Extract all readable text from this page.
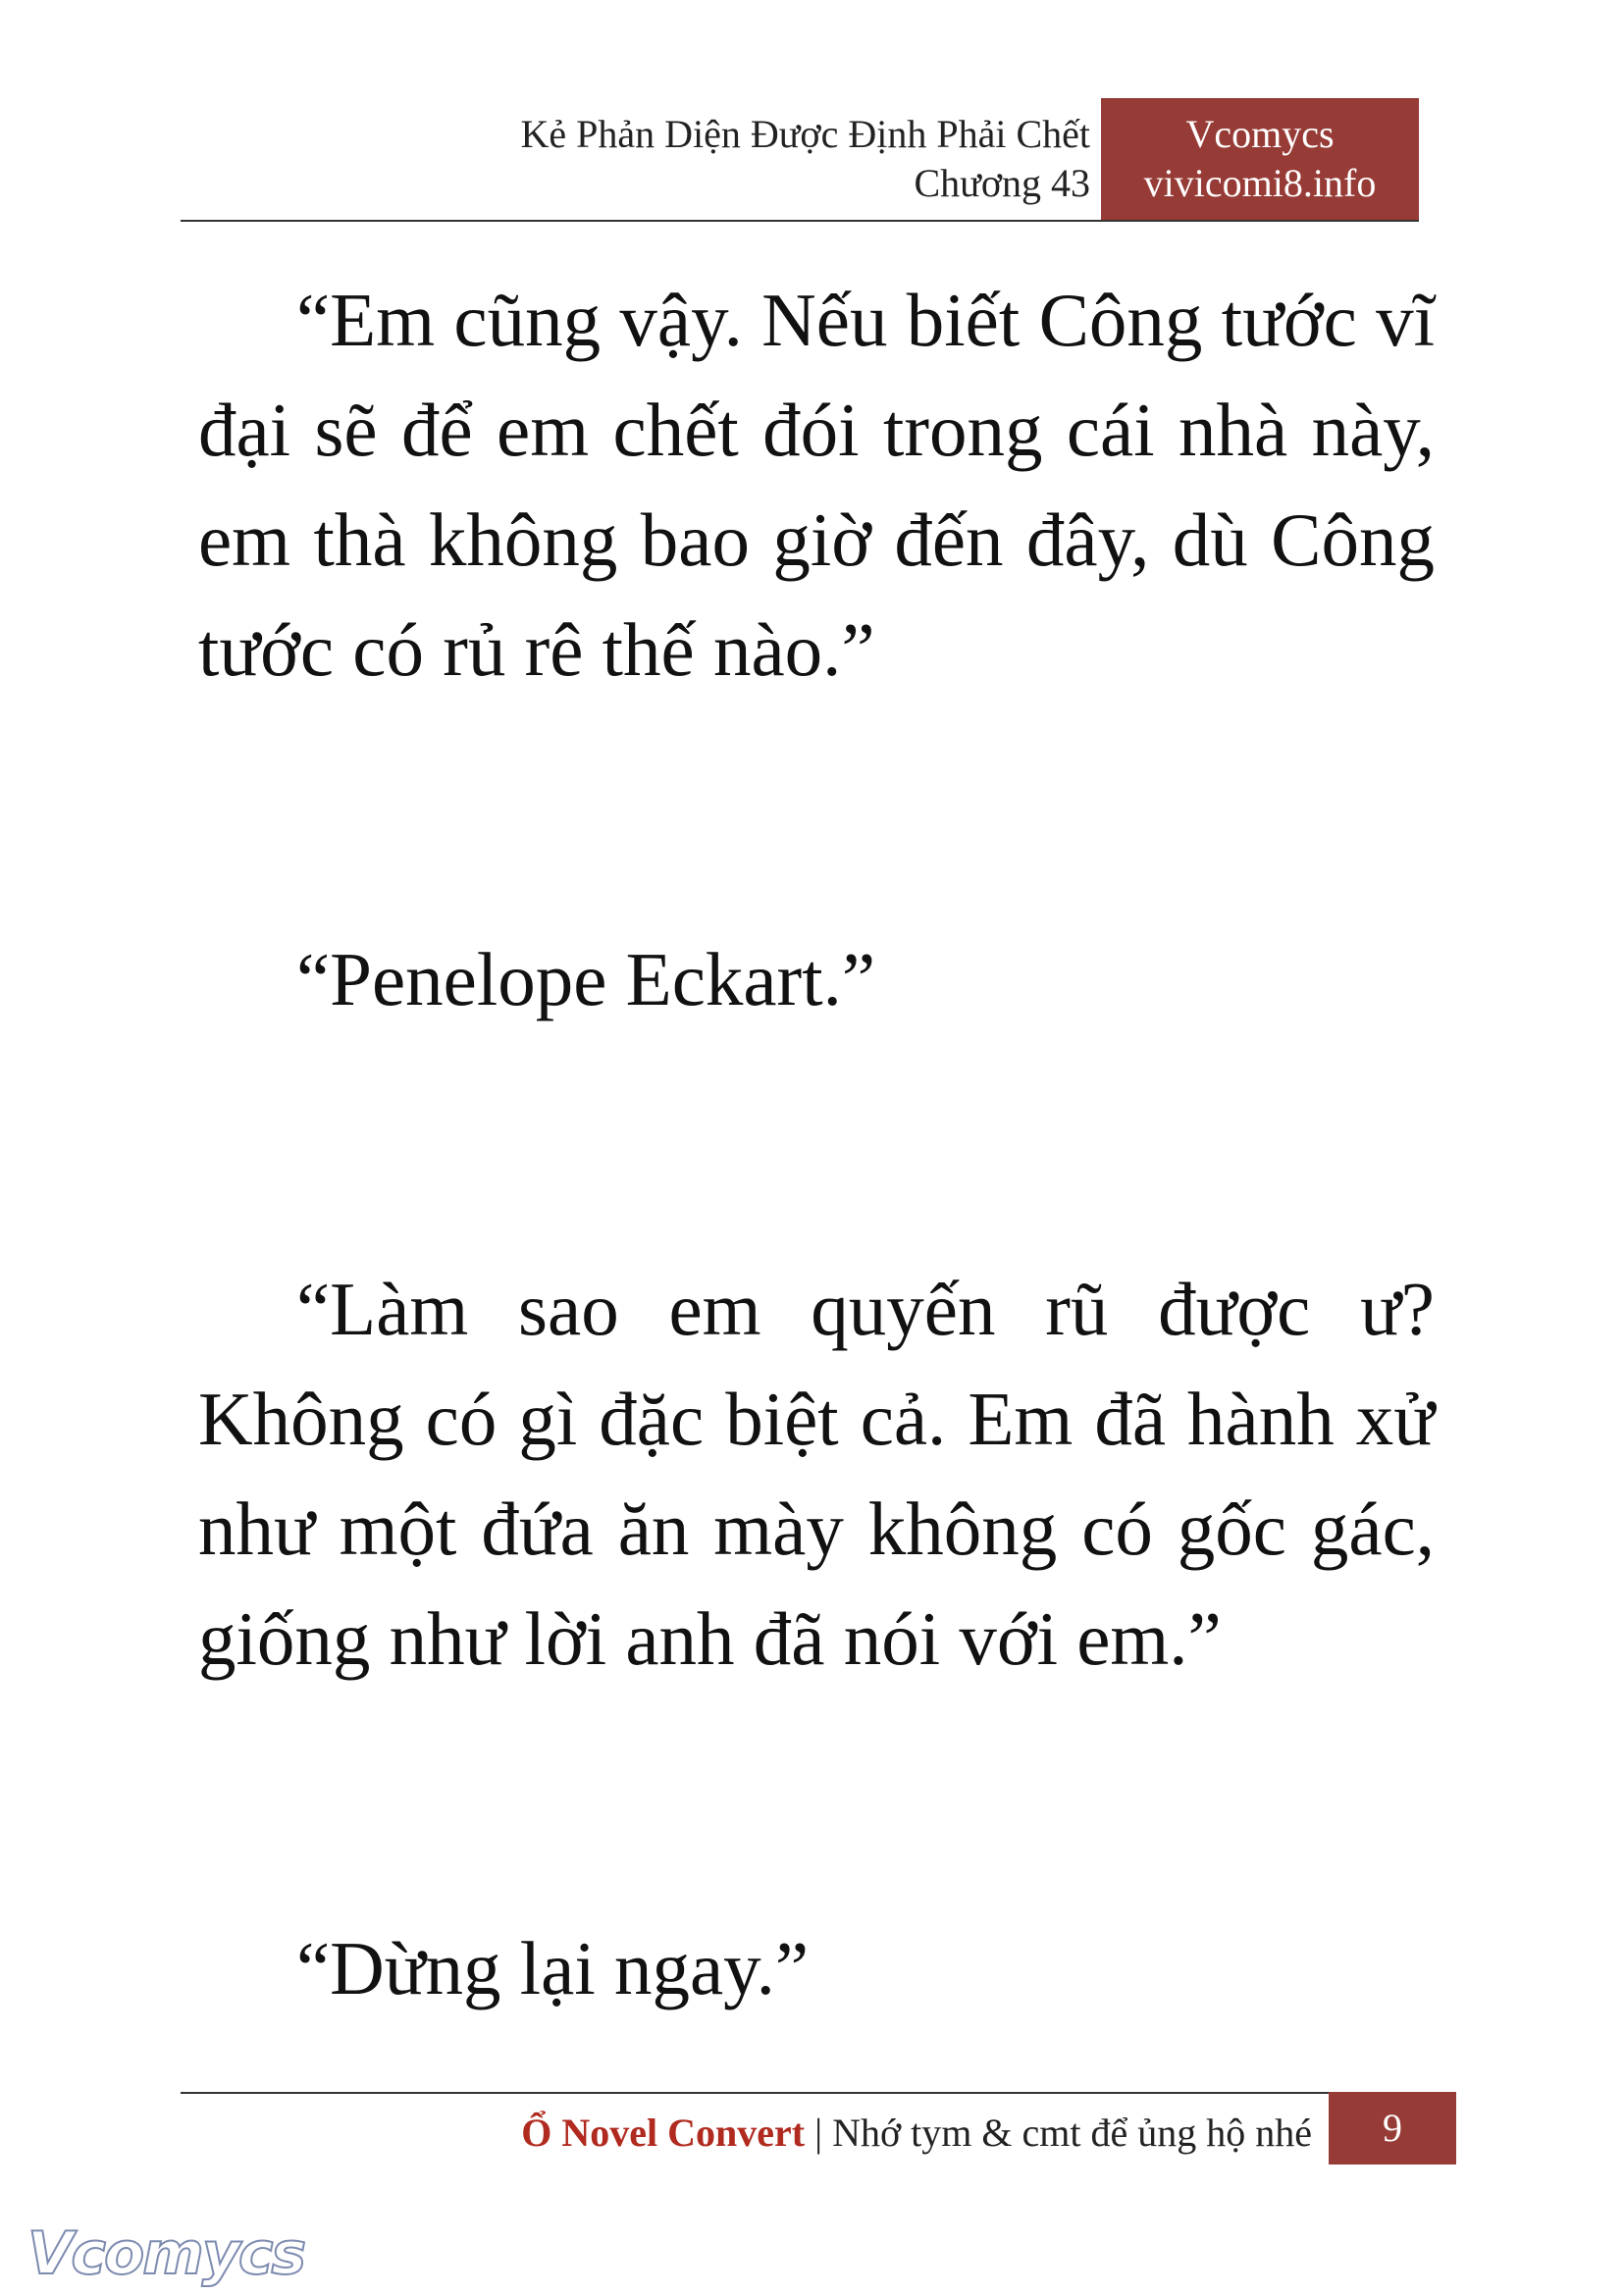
Kẻ Phản Diện Được Định Phải Chết
Chương 43
Vcomycs
vivicomi8.info

“Em cũng vậy. Nếu biết Công tước vĩ đại sẽ để em chết đói trong cái nhà này, em thà không bao giờ đến đây, dù Công tước có rủ rê thế nào.”

“Penelope Eckart.”

“Làm sao em quyến rũ được ư? Không có gì đặc biệt cả. Em đã hành xử như một đứa ăn mày không có gốc gác, giống như lời anh đã nói với em.”

“Dừng lại ngay.”

Ổ Novel Convert | Nhớ tym & cmt để ủng hộ nhé	9
Vcomycs
